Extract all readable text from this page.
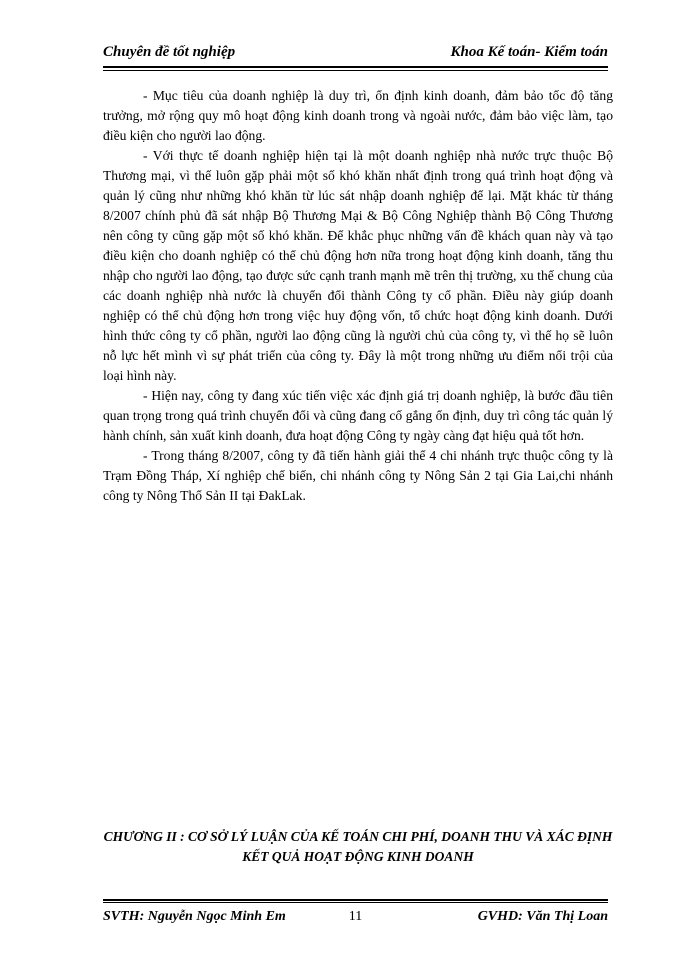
Chuyên đề tốt nghiệp	Khoa Kế toán- Kiểm toán

- Mục tiêu của doanh nghiệp là duy trì, ổn định kinh doanh, đảm bảo tốc độ tăng trưởng, mở rộng quy mô hoạt động kinh doanh trong và ngoài nước, đảm bảo việc làm, tạo điều kiện cho người lao động.

- Với thực tế doanh nghiệp hiện tại là một doanh nghiệp nhà nước trực thuộc Bộ Thương mại, vì thế luôn gặp phải một số khó khăn nhất định trong quá trình hoạt động và quản lý cũng như những khó khăn từ lúc sát nhập doanh nghiệp để lại. Mặt khác từ tháng 8/2007 chính phủ đã sát nhập Bộ Thương Mại & Bộ Công Nghiệp thành Bộ Công Thương nên công ty cũng gặp một số khó khăn. Để khắc phục những vấn đề khách quan này và tạo điều kiện cho doanh nghiệp có thể chủ động hơn nữa trong hoạt động kinh doanh, tăng thu nhập cho người lao động, tạo được sức cạnh tranh mạnh mẽ trên thị trường, xu thế chung của các doanh nghiệp nhà nước là chuyển đổi thành Công ty cổ phần. Điều này giúp doanh nghiệp có thể chủ động hơn trong việc huy động vốn, tổ chức hoạt động kinh doanh. Dưới hình thức công ty cổ phần, người lao động cũng là người chủ của công ty, vì thế họ sẽ luôn nỗ lực hết mình vì sự phát triển của công ty. Đây là một trong những ưu điểm nổi trội của loại hình này.

- Hiện nay, công ty đang xúc tiến việc xác định giá trị doanh nghiệp, là bước đầu tiên quan trọng trong quá trình chuyển đổi và cũng đang cố gắng ổn định, duy trì công tác quản lý hành chính, sản xuất kinh doanh, đưa hoạt động Công ty ngày càng đạt hiệu quả tốt hơn.

- Trong tháng 8/2007, công ty đã tiến hành giải thể 4 chi nhánh trực thuộc công ty là Trạm Đồng Tháp, Xí nghiệp chế biến, chi nhánh công ty Nông Sản 2 tại Gia Lai,chi nhánh công ty Nông Thổ Sản II tại ĐakLak.

CHƯƠNG II : CƠ SỞ LÝ LUẬN CỦA KẾ TOÁN CHI PHÍ, DOANH THU VÀ XÁC ĐỊNH KẾT QUẢ HOẠT ĐỘNG KINH DOANH
SVTH: Nguyễn Ngọc Minh Em	11	GVHD: Văn Thị Loan
